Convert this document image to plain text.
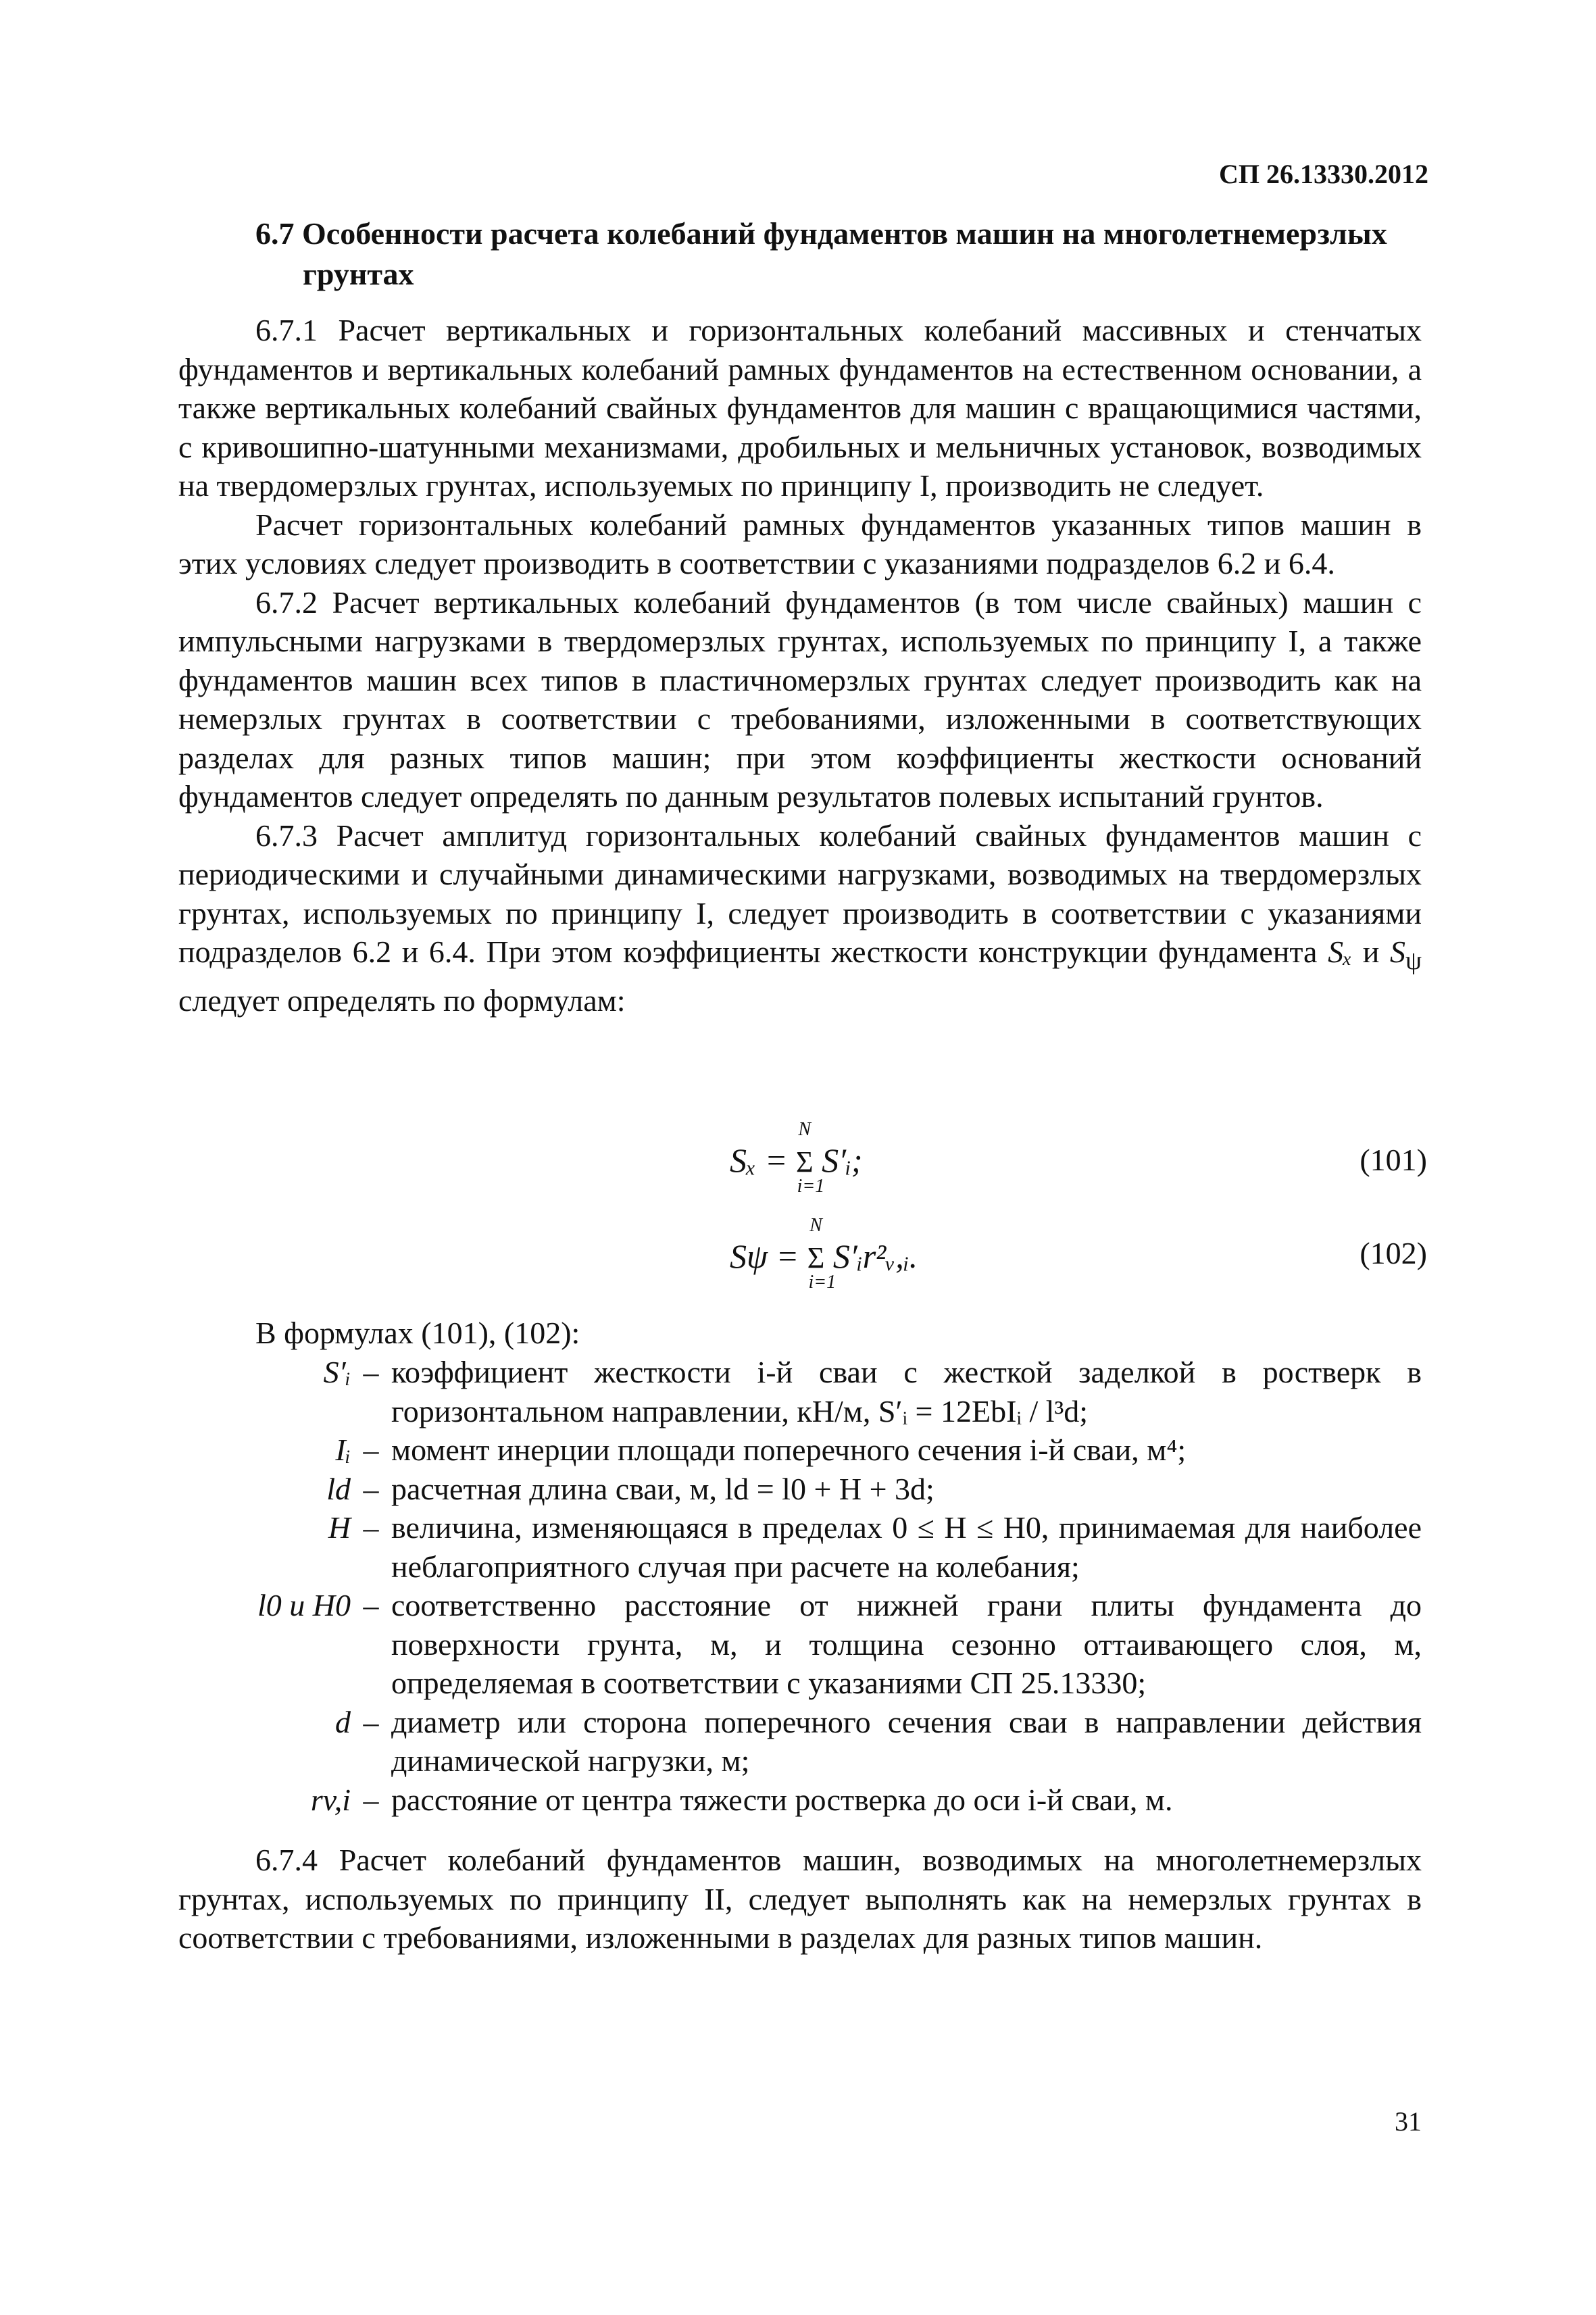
СП 26.13330.2012
6.7 Особенности расчета колебаний фундаментов машин на многолетнемерзлых грунтах

6.7.1 Расчет вертикальных и горизонтальных колебаний массивных и стенчатых фундаментов и вертикальных колебаний рамных фундаментов на естественном основании, а также вертикальных колебаний свайных фундаментов для машин с вращающимися частями, с кривошипно-шатунными механизмами, дробильных и мельничных установок, возводимых на твердомерзлых грунтах, используемых по принципу I, производить не следует.

Расчет горизонтальных колебаний рамных фундаментов указанных типов машин в этих условиях следует производить в соответствии с указаниями подразделов 6.2 и 6.4.

6.7.2 Расчет вертикальных колебаний фундаментов (в том числе свайных) машин с импульсными нагрузками в твердомерзлых грунтах, используемых по принципу I, а также фундаментов машин всех типов в пластичномерзлых грунтах следует производить как на немерзлых грунтах в соответствии с требованиями, изложенными в соответствующих разделах для разных типов машин; при этом коэффициенты жесткости оснований фундаментов следует определять по данным результатов полевых испытаний грунтов.

6.7.3 Расчет амплитуд горизонтальных колебаний свайных фундаментов машин с периодическими и случайными динамическими нагрузками, возводимых на твердомерзлых грунтах, используемых по принципу I, следует производить в соответствии с указаниями подразделов 6.2 и 6.4. При этом коэффициенты жесткости конструкции фундамента Sₓ и $S_\psi$ следует определять по формулам:

Sₓ =
N
Σ
i=1
S′ᵢ;	(101)
Sψ =
N
Σ
i=1
S′ᵢr²ᵥ,ᵢ.	(102)
В формулах (101), (102):
S′ᵢ – коэффициент жесткости i-й сваи с жесткой заделкой в ростверк в горизонтальном направлении, кН/м, S′ᵢ = 12EbIᵢ / l³d;
Iᵢ – момент инерции площади поперечного сечения i-й сваи, м⁴;
ld – расчетная длина сваи, м, ld = l0 + H + 3d;
H – величина, изменяющаяся в пределах 0 ≤ H ≤ H0, принимаемая для наиболее неблагоприятного случая при расчете на колебания;
l0 и H0 – соответственно расстояние от нижней грани плиты фундамента до поверхности грунта, м, и толщина сезонно оттаивающего слоя, м, определяемая в соответствии с указаниями СП 25.13330;
d – диаметр или сторона поперечного сечения сваи в направлении действия динамической нагрузки, м;
rv,i – расстояние от центра тяжести ростверка до оси i-й сваи, м.

6.7.4 Расчет колебаний фундаментов машин, возводимых на многолетнемерзлых грунтах, используемых по принципу II, следует выполнять как на немерзлых грунтах в соответствии с требованиями, изложенными в разделах для разных типов машин.

31
